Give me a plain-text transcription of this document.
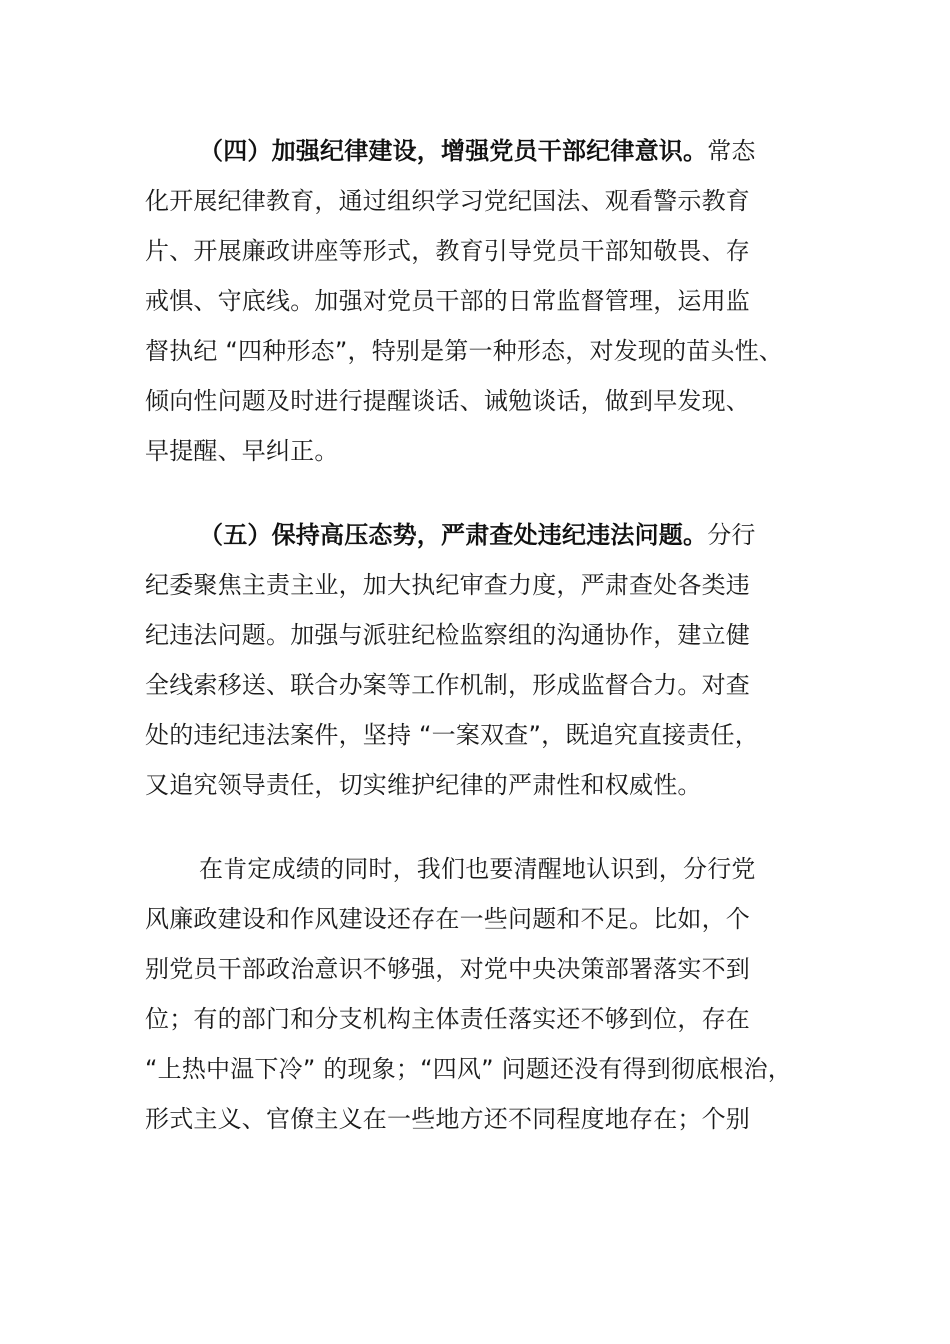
（四）加强纪律建设，增强党员干部纪律意识。常态
化开展纪律教育，通过组织学习党纪国法、观看警示教育
片、开展廉政讲座等形式，教育引导党员干部知敬畏、存
戒惧、守底线。加强对党员干部的日常监督管理，运用监
督执纪 “四种形态”，特别是第一种形态，对发现的苗头性、
倾向性问题及时进行提醒谈话、诫勉谈话，做到早发现、
早提醒、早纠正。
（五）保持高压态势，严肃查处违纪违法问题。分行
纪委聚焦主责主业，加大执纪审查力度，严肃查处各类违
纪违法问题。加强与派驻纪检监察组的沟通协作，建立健
全线索移送、联合办案等工作机制，形成监督合力。对查
处的违纪违法案件，坚持 “一案双查”，既追究直接责任，
又追究领导责任，切实维护纪律的严肃性和权威性。
在肯定成绩的同时，我们也要清醒地认识到，分行党
风廉政建设和作风建设还存在一些问题和不足。比如，个
别党员干部政治意识不够强，对党中央决策部署落实不到
位；有的部门和分支机构主体责任落实还不够到位，存在
“上热中温下冷” 的现象；“四风” 问题还没有得到彻底根治，
形式主义、官僚主义在一些地方还不同程度地存在；个别
